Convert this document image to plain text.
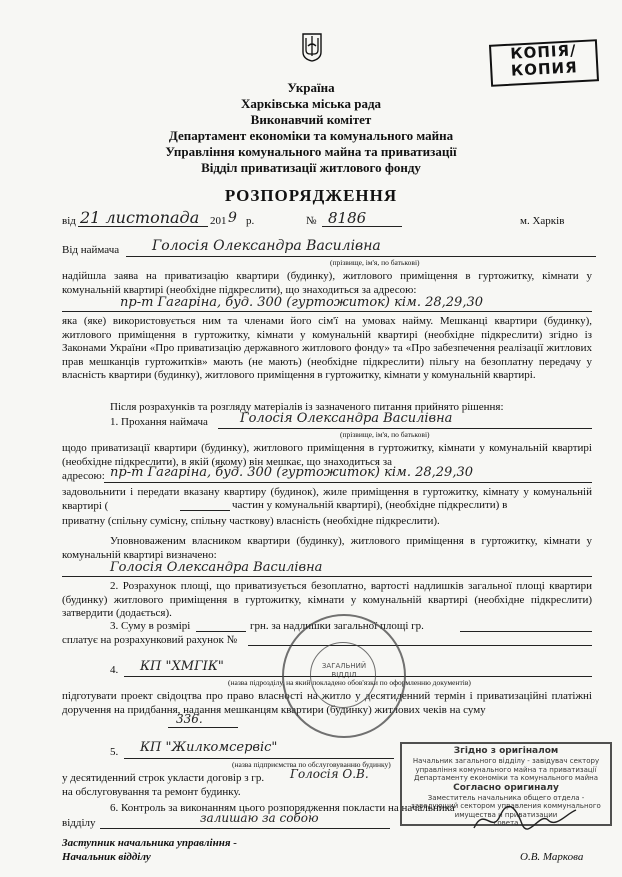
КОПІЯ/
КОПИЯ
Україна
Харківська міська рада
Виконавчий комітет
Департамент економіки та комунального майна
Управління комунального майна та приватизації
Відділ приватизації житлового фонду
РОЗПОРЯДЖЕННЯ
від 21 листопада 201 9 р.	№ 8186	м. Харків
Від наймача Голосія Олександра Василівна
(прізвище, ім'я, по батькові)
надійшла заява на приватизацію квартири (будинку), житлового приміщення в гуртожитку, кімнати у комунальній квартирі (необхідне підкреслити), що знаходиться за адресою:
пр-т Гагаріна, буд. 300 (гуртожиток) кім. 28,29,30
яка (яке) використовується ним та членами його сім'ї на умовах найму. Мешканці квартири (будинку), житлового приміщення в гуртожитку, кімнати у комунальній квартирі (необхідне підкреслити) згідно із Законами України «Про приватизацію державного житлового фонду» та «Про забезпечення реалізації житлових прав мешканців гуртожитків» мають (не мають) (необхідне підкреслити) пільгу на безоплатну передачу у власність квартири (будинку), житлового приміщення в гуртожитку, кімнати у комунальній квартирі.
Після розрахунків та розгляду матеріалів із зазначеного питання прийнято рішення:
1. Прохання наймача Голосія Олександра Василівна
(прізвище, ім'я, по батькові)
щодо приватизації квартири (будинку), житлового приміщення в гуртожитку, кімнати у комунальній квартирі (необхідне підкреслити), в якій (якому) він мешкає, що знаходиться за
адресою: пр-т Гагаріна, буд. 300 (гуртожиток) кім. 28,29,30
задовольнити і передати вказану квартиру (будинок), жиле приміщення в гуртожитку, кімнату у комунальній квартирі (	частин у комунальній квартирі), (необхідне підкреслити) в
приватну (спільну сумісну, спільну часткову) власність (необхідне підкреслити).
Уповноваженим власником квартири (будинку), житлового приміщення в гуртожитку, кімнати у комунальній квартирі визначено:
Голосія Олександра Василівна
2. Розрахунок площі, що приватизується безоплатно, вартості надлишків загальної площі квартири (будинку) житлового приміщення в гуртожитку, кімнати у комунальній квартирі (необхідне підкреслити) затвердити (додається).
3. Суму в розмірі	грн. за надлишки загальної площі гр.
сплатує на розрахунковий рахунок №
4. КП "ХМГІК"
(назва підрозділу, на який покладено обов'язки по оформленню документів)
підготувати проект свідоцтва про право власності на житло у десятиденний термін і приватизаційні платіжні доручення на придбання, надання мешканцям квартири (будинку) житлових чеків на суму
336.
5. КП "Жилкомсервіс"
(назва підприємства по обслуговуванню будинку)
у десятиденний строк укласти договір з гр. Голосія О.В.
на обслуговування та ремонт будинку.
6. Контроль за виконанням цього розпорядження покласти на начальника
відділу	залишаю за собою
Заступник начальника управління -
Начальник відділу	О.В. Маркова
ЗАГАЛЬНИЙ ВІДДІЛ
Згідно з оригіналом
Начальник загального відділу - завідувач сектору управління комунального майна та приватизації Департаменту економіки та комунального майна
Согласно оригиналу
Заместитель начальника общего отдела - заведующий сектором управления коммунального имущества и приватизации
совета
